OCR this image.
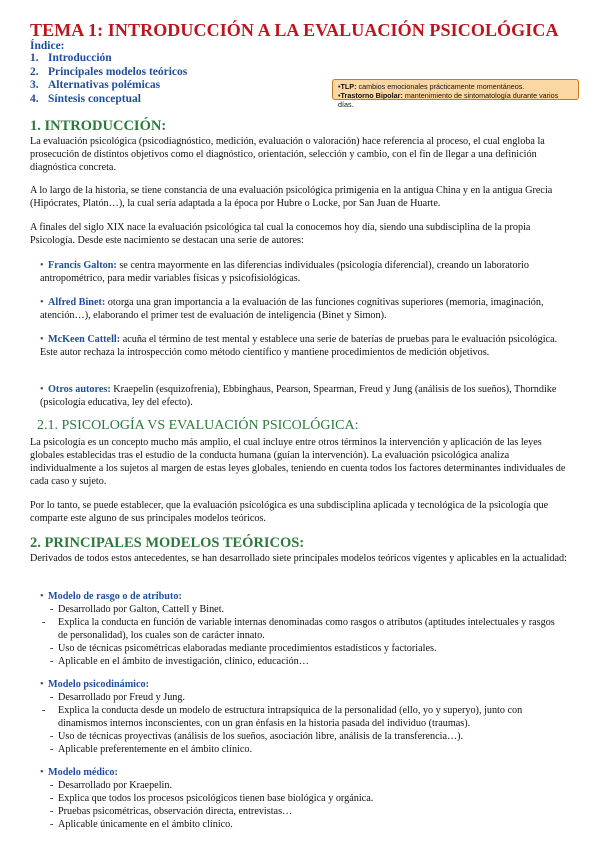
TEMA 1: INTRODUCCIÓN A LA EVALUACIÓN PSICOLÓGICA
Índice:
1. Introducción
2. Principales modelos teóricos
3. Alternativas polémicas
4. Síntesis conceptual
•TLP: cambios emocionales prácticamente momentáneos.
•Trastorno Bipolar: mantenimiento de sintomatología durante varios días.
1. INTRODUCCIÓN:
La evaluación psicológica (psicodiagnóstico, medición, evaluación o valoración) hace referencia al proceso, el cual engloba la prosecución de distintos objetivos como el diagnóstico, orientación, selección y cambio, con el fin de llegar a una definición diagnóstica concreta.
A lo largo de la historia, se tiene constancia de una evaluación psicológica primigenia en la antigua China y en la antigua Grecia (Hipócrates, Platón…), la cual sería adaptada a la época por Hubre o Locke, por San Juan de Huarte.
A finales del siglo XIX nace la evaluación psicológica tal cual la conocemos hoy día, siendo una subdisciplina de la propia Psicología. Desde este nacimiento se destacan una serie de autores:
• Francis Galton: se centra mayormente en las diferencias individuales (psicología diferencial), creando un laboratorio antropométrico, para medir variables físicas y psicofisiológicas.
• Alfred Binet: otorga una gran importancia a la evaluación de las funciones cognitivas superiores (memoria, imaginación, atención…), elaborando el primer test de evaluación de inteligencia (Binet y Simon).
• McKeen Cattell: acuña el término de test mental y establece una serie de baterías de pruebas para le evaluación psicológica. Este autor rechaza la introspección como método científico y mantiene procedimientos de medición objetivos.
• Otros autores: Kraepelin (esquizofrenia), Ebbinghaus, Pearson, Spearman, Freud y Jung (análisis de los sueños), Thorndike (psicología educativa, ley del efecto).
2.1. PSICOLOGÍA VS EVALUACIÓN PSICOLÓGICA:
La psicología es un concepto mucho más amplio, el cual incluye entre otros términos la intervención y aplicación de las leyes globales establecidas tras el estudio de la conducta humana (guían la intervención). La evaluación psicológica analiza individualmente a los sujetos al margen de estas leyes globales, teniendo en cuenta todos los factores determinantes individuales de cada caso y sujeto.
Por lo tanto, se puede establecer, que la evaluación psicológica es una subdisciplina aplicada y tecnológica de la psicología que comparte este alguno de sus principales modelos teóricos.
2. PRINCIPALES MODELOS TEÓRICOS:
Derivados de todos estos antecedentes, se han desarrollado siete principales modelos teóricos vigentes y aplicables en la actualidad:
• Modelo de rasgo o de atributo:
- Desarrollado por Galton, Cattell y Binet.
- Explica la conducta en función de variable internas denominadas como rasgos o atributos (aptitudes intelectuales y rasgos de personalidad), los cuales son de carácter innato.
- Uso de técnicas psicométricas elaboradas mediante procedimientos estadísticos y factoriales.
- Aplicable en el ámbito de investigación, clínico, educación…
• Modelo psicodinámico:
- Desarrollado por Freud y Jung.
- Explica la conducta desde un modelo de estructura intrapsíquica de la personalidad (ello, yo y superyo), junto con dinamismos internos inconscientes, con un gran énfasis en la historia pasada del individuo (traumas).
- Uso de técnicas proyectivas (análisis de los sueños, asociación libre, análisis de la transferencia…).
- Aplicable preferentemente en el ámbito clínico.
• Modelo médico:
- Desarrollado por Kraepelin.
- Explica que todos los procesos psicológicos tienen base biológica y orgánica.
- Pruebas psicométricas, observación directa, entrevistas…
- Aplicable únicamente en el ámbito clínico.
